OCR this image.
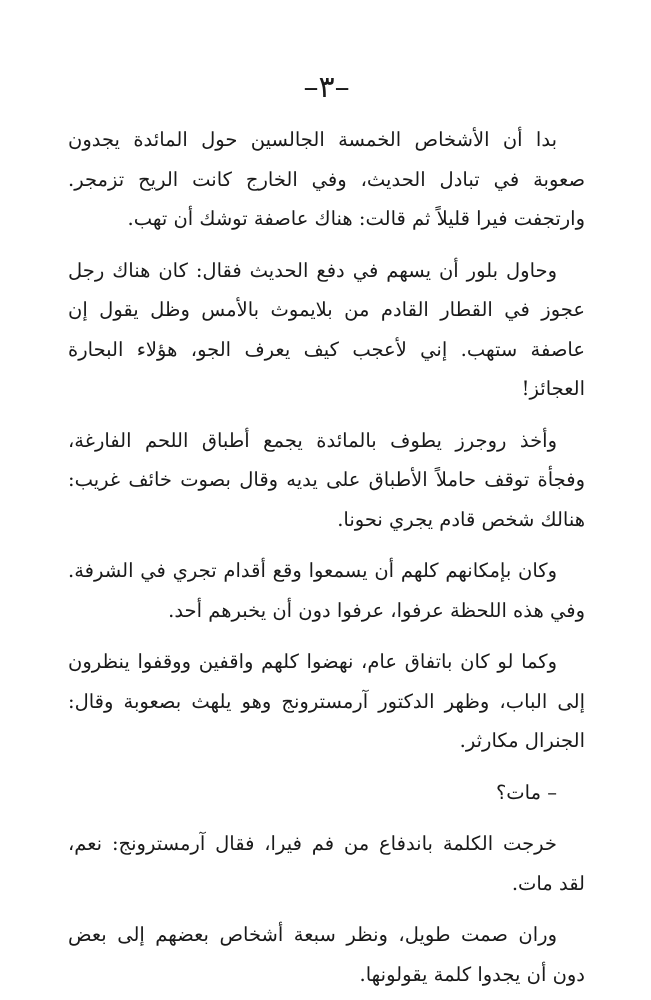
–٣–

بدا أن الأشخاص الخمسة الجالسين حول المائدة يجدون صعوبة في تبادل الحديث، وفي الخارج كانت الريح تزمجر. وارتجفت فيرا قليلاً ثم قالت: هناك عاصفة توشك أن تهب.

وحاول بلور أن يسهم في دفع الحديث فقال: كان هناك رجل عجوز في القطار القادم من بلايموث بالأمس وظل يقول إن عاصفة ستهب. إني لأعجب كيف يعرف الجو، هؤلاء البحارة العجائز!

وأخذ روجرز يطوف بالمائدة يجمع أطباق اللحم الفارغة، وفجأة توقف حاملاً الأطباق على يديه وقال بصوت خائف غريب: هنالك شخص قادم يجري نحونا.

وكان بإمكانهم كلهم أن يسمعوا وقع أقدام تجري في الشرفة. وفي هذه اللحظة عرفوا، عرفوا دون أن يخبرهم أحد.

وكما لو كان باتفاق عام، نهضوا كلهم واقفين ووقفوا ينظرون إلى الباب، وظهر الدكتور آرمسترونج وهو يلهث بصعوبة وقال: الجنرال مكارثر.

– مات؟

خرجت الكلمة باندفاع من فم فيرا، فقال آرمسترونج: نعم، لقد مات.

وران صمت طويل، ونظر سبعة أشخاص بعضهم إلى بعض دون أن يجدوا كلمة يقولونها.
